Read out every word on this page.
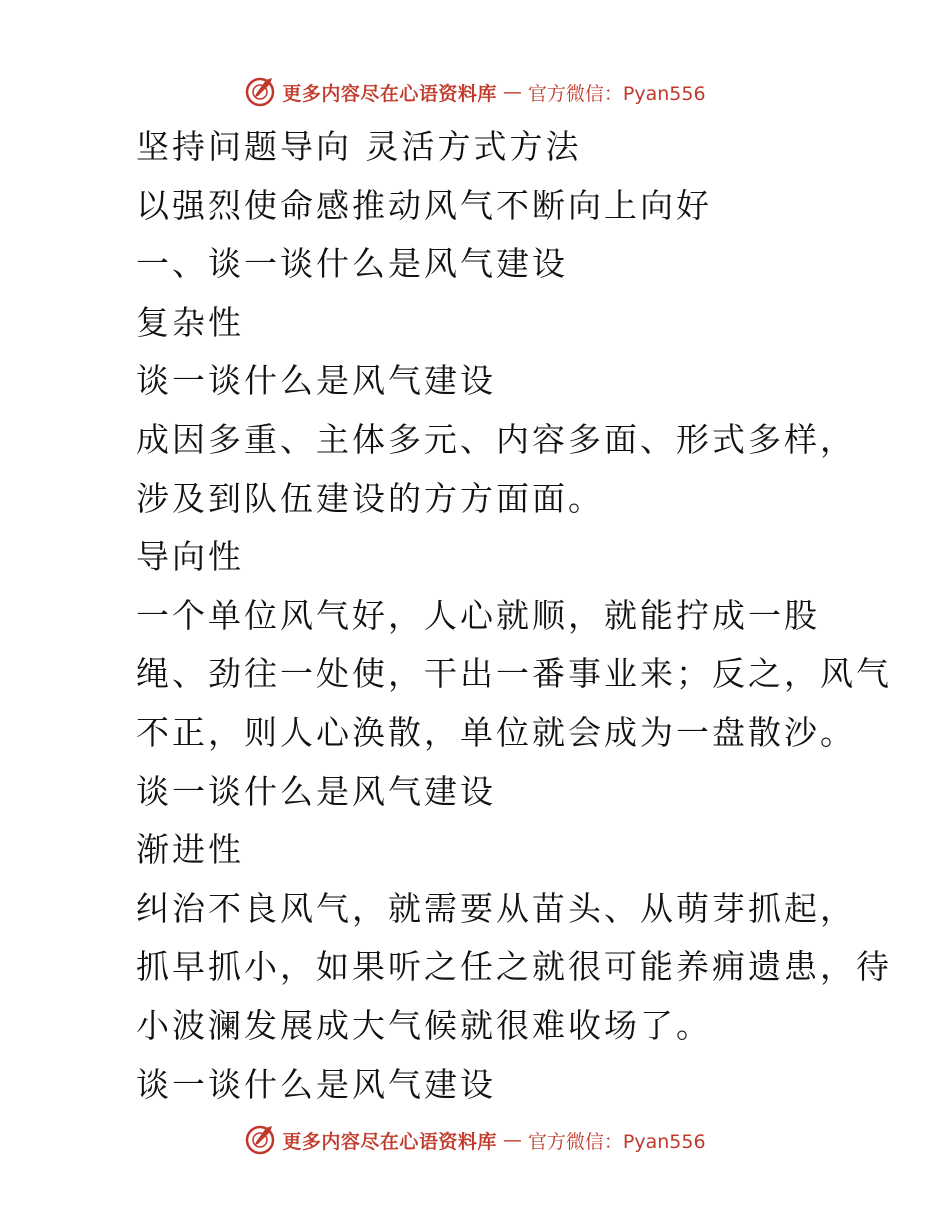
更多内容尽在心语资料库 — 官方微信：Pyan556
坚持问题导向 灵活方式方法
以强烈使命感推动风气不断向上向好
一、谈一谈什么是风气建设
复杂性
谈一谈什么是风气建设
成因多重、主体多元、内容多面、形式多样，
涉及到队伍建设的方方面面。
导向性
一个单位风气好，人心就顺，就能拧成一股
绳、劲往一处使，干出一番事业来；反之，风气
不正，则人心涣散，单位就会成为一盘散沙。
谈一谈什么是风气建设
渐进性
纠治不良风气，就需要从苗头、从萌芽抓起，
抓早抓小，如果听之任之就很可能养痈遗患，待
小波澜发展成大气候就很难收场了。
谈一谈什么是风气建设
更多内容尽在心语资料库 — 官方微信：Pyan556
